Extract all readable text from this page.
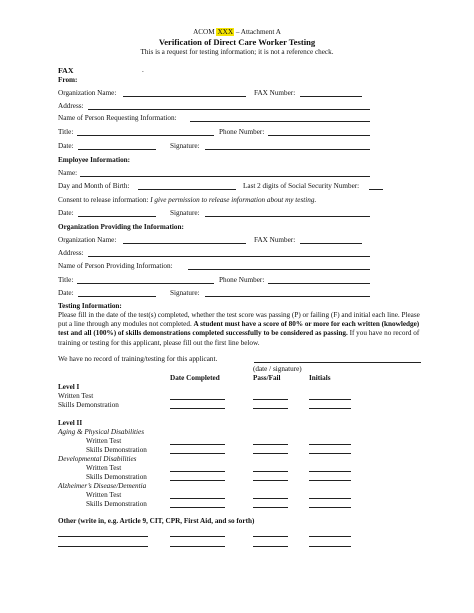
ACOM XXX – Attachment A
Verification of Direct Care Worker Testing
This is a request for testing information; it is not a reference check.
FAX	.
From:
Organization Name:	FAX Number:
Address:
Name of Person Requesting Information:
Title:	Phone Number:
Date:	Signature:
Employee Information:
Name:
Day and Month of Birth:	Last 2 digits of Social Security Number:
Consent to release information: I give permission to release information about my testing.
Date:	Signature:
Organization Providing the Information:
Organization Name:	FAX Number:
Address:
Name of Person Providing Information:
Title:	Phone Number:
Date:	Signature:
Testing Information:
Please fill in the date of the test(s) completed, whether the test score was passing (P) or failing (F) and initial each line. Please put a line through any modules not completed. A student must have a score of 80% or more for each written (knowledge) test and all (100%) of skills demonstrations completed successfully to be considered as passing. If you have no record of training or testing for this applicant, please fill out the first line below.
We have no record of training/testing for this applicant.
(date / signature)
Date Completed	Pass/Fail	Initials
Level I
Written Test
Skills Demonstration
Level II
Aging & Physical Disabilities
Written Test
Skills Demonstration
Developmental Disabilities
Written Test
Skills Demonstration
Alzheimer’s Disease/Dementia
Written Test
Skills Demonstration
Other (write in, e.g. Article 9, CIT, CPR, First Aid, and so forth)
